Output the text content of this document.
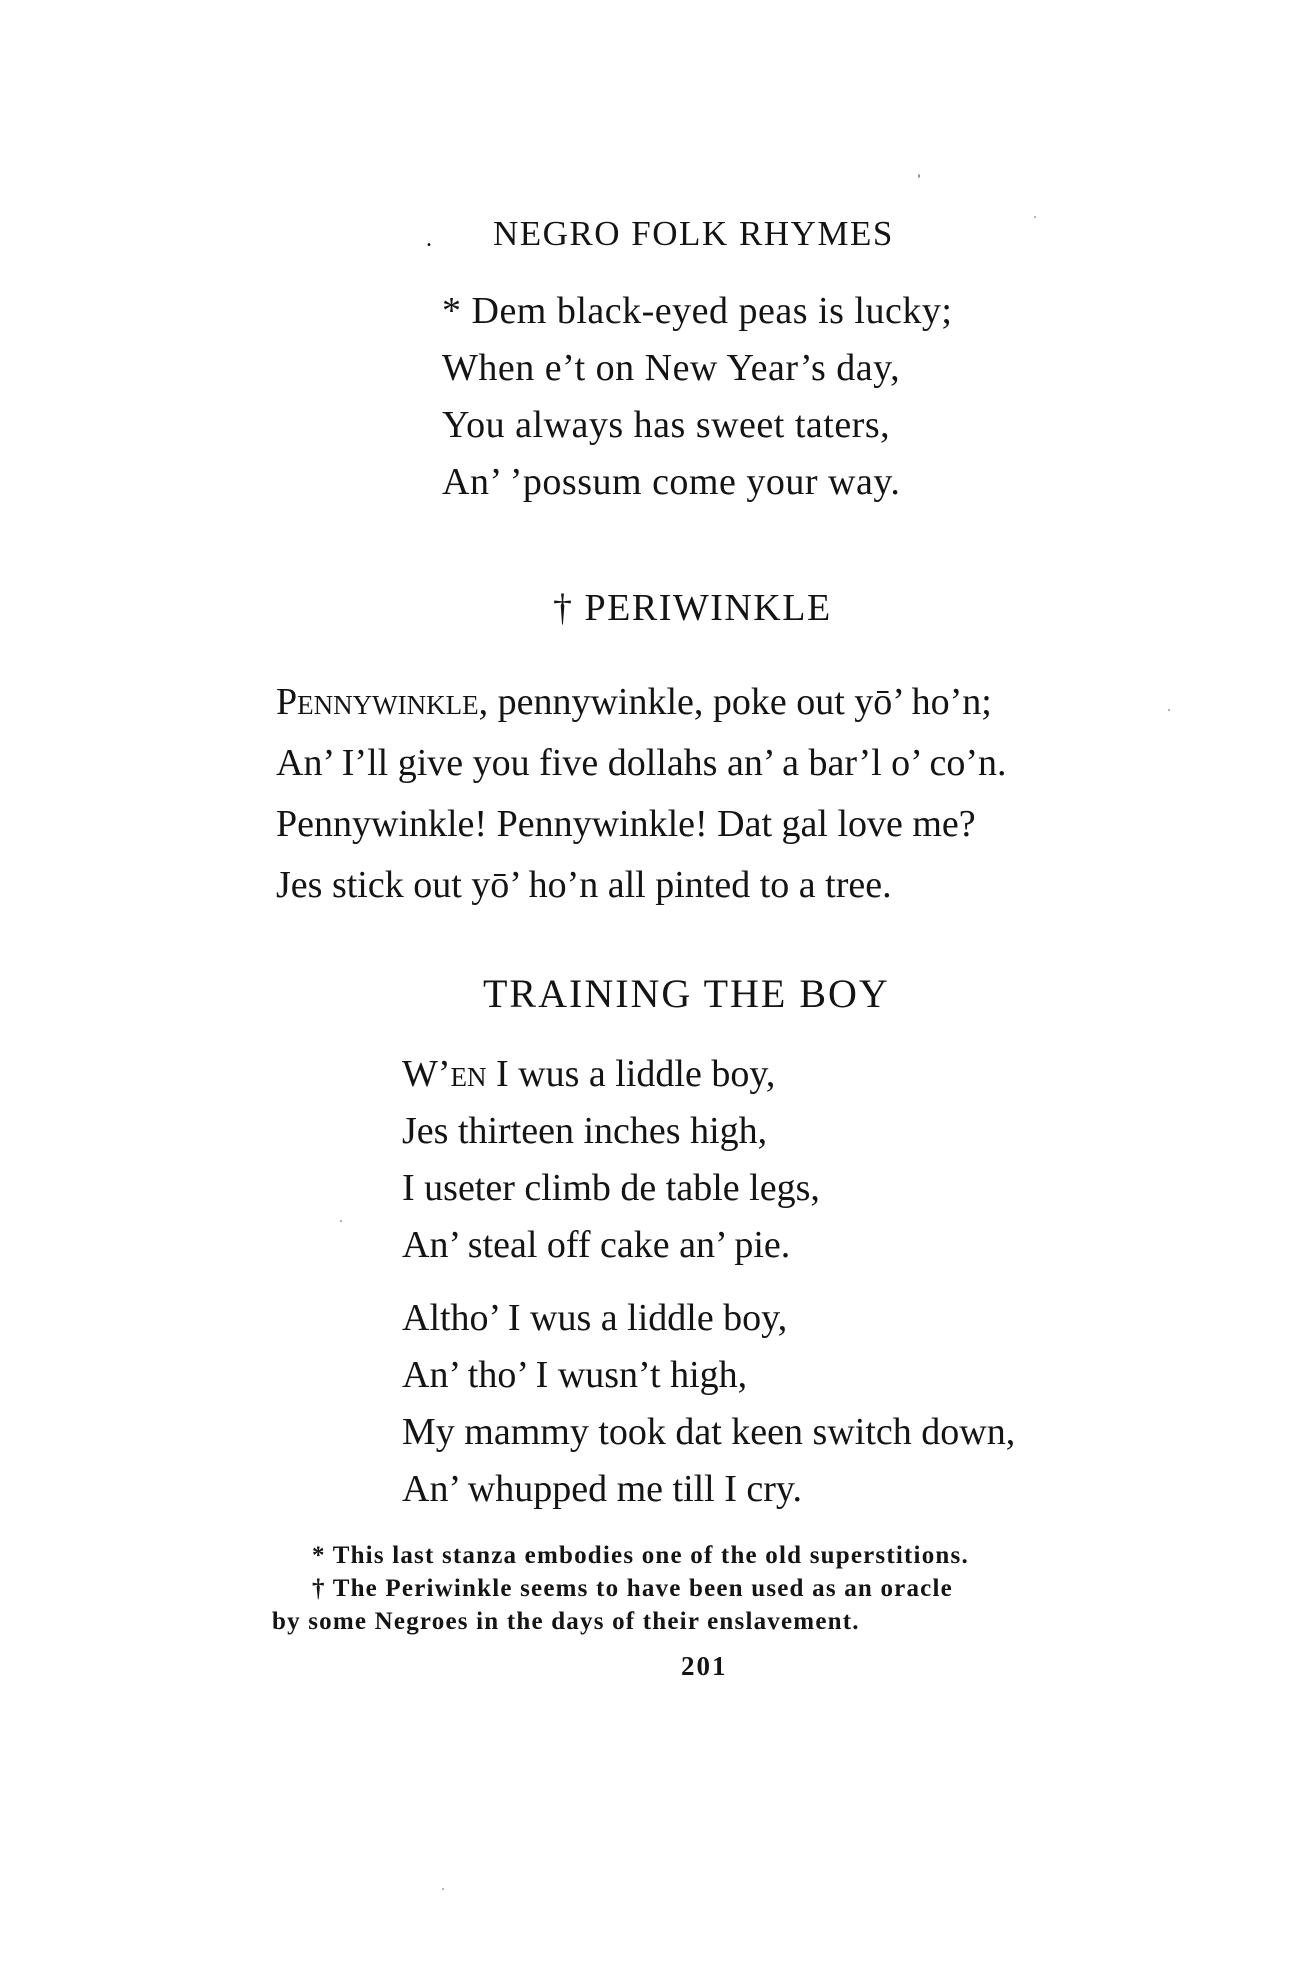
. NEGRO FOLK RHYMES
* Dem black-eyed peas is lucky;
When e’t on New Year’s day,
You always has sweet taters,
An’ ’possum come your way.
† PERIWINKLE
Pennywinkle, pennywinkle, poke out yō’ ho’n;
An’ I’ll give you five dollahs an’ a bar’l o’ co’n.
Pennywinkle! Pennywinkle! Dat gal love me?
Jes stick out yō’ ho’n all pinted to a tree.
TRAINING THE BOY
W’en I wus a liddle boy,
Jes thirteen inches high,
I useter climb de table legs,
An’ steal off cake an’ pie.
Altho’ I wus a liddle boy,
An’ tho’ I wusn’t high,
My mammy took dat keen switch down,
An’ whupped me till I cry.
* This last stanza embodies one of the old superstitions.
† The Periwinkle seems to have been used as an oracle
by some Negroes in the days of their enslavement.
201
